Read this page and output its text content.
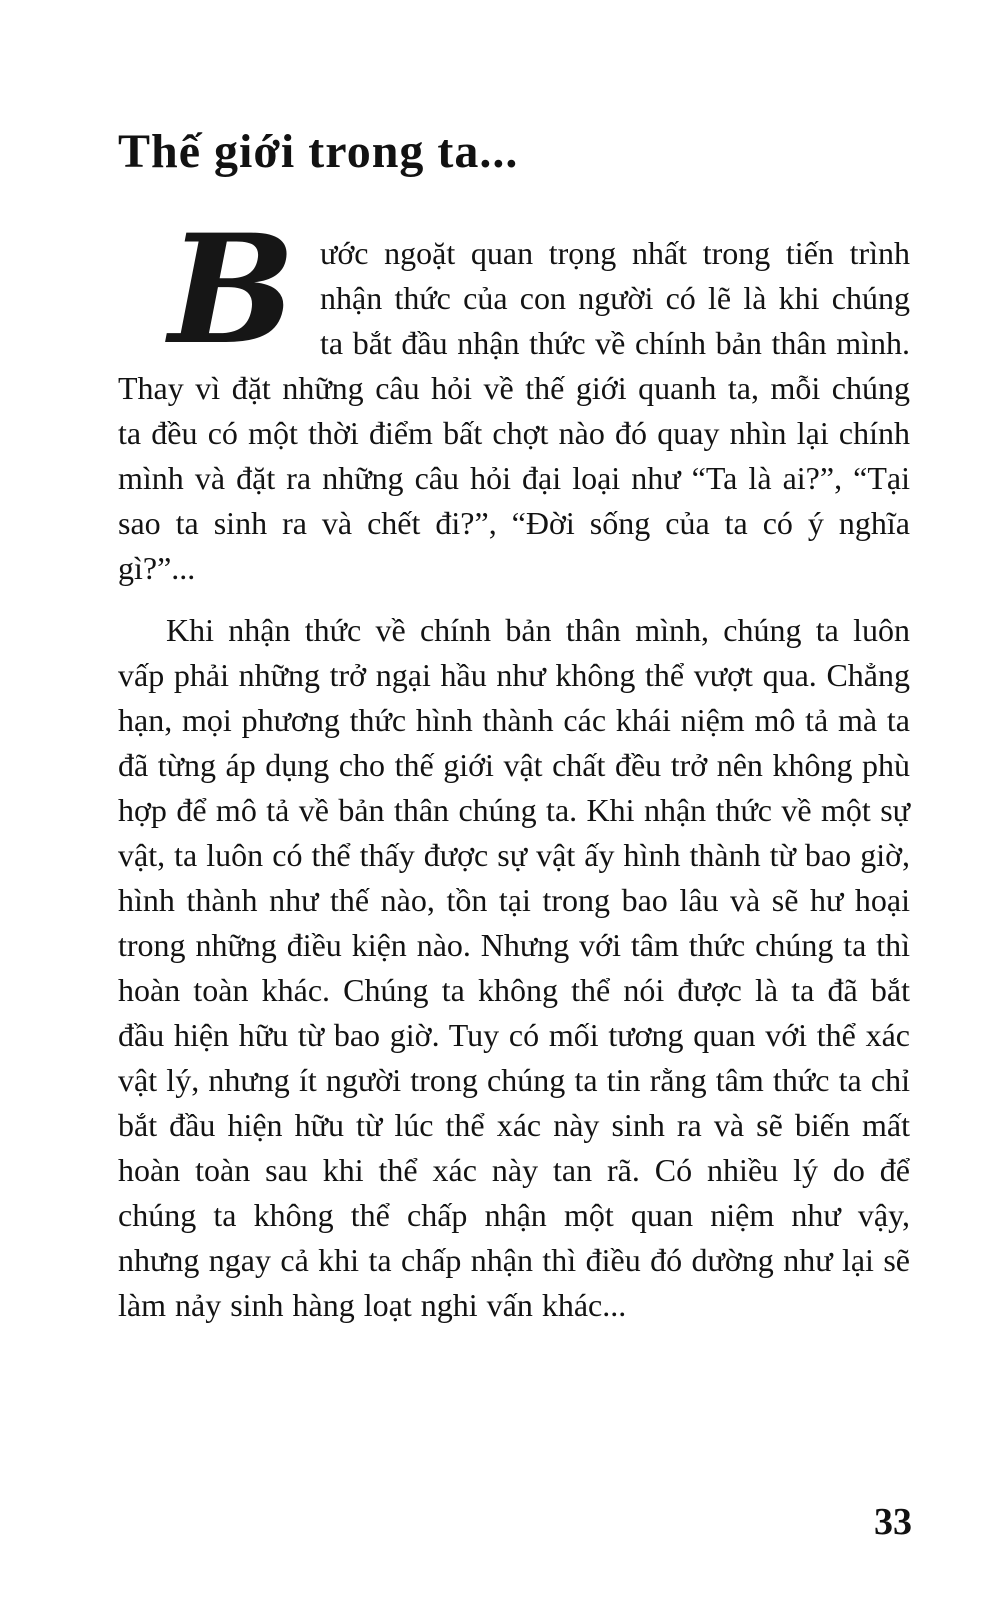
Thế giới trong ta...

Bước ngoặt quan trọng nhất trong tiến trình nhận thức của con người có lẽ là khi chúng ta bắt đầu nhận thức về chính bản thân mình. Thay vì đặt những câu hỏi về thế giới quanh ta, mỗi chúng ta đều có một thời điểm bất chợt nào đó quay nhìn lại chính mình và đặt ra những câu hỏi đại loại như “Ta là ai?”, “Tại sao ta sinh ra và chết đi?”, “Đời sống của ta có ý nghĩa gì?”...

Khi nhận thức về chính bản thân mình, chúng ta luôn vấp phải những trở ngại hầu như không thể vượt qua. Chẳng hạn, mọi phương thức hình thành các khái niệm mô tả mà ta đã từng áp dụng cho thế giới vật chất đều trở nên không phù hợp để mô tả về bản thân chúng ta. Khi nhận thức về một sự vật, ta luôn có thể thấy được sự vật ấy hình thành từ bao giờ, hình thành như thế nào, tồn tại trong bao lâu và sẽ hư hoại trong những điều kiện nào. Nhưng với tâm thức chúng ta thì hoàn toàn khác. Chúng ta không thể nói được là ta đã bắt đầu hiện hữu từ bao giờ. Tuy có mối tương quan với thể xác vật lý, nhưng ít người trong chúng ta tin rằng tâm thức ta chỉ bắt đầu hiện hữu từ lúc thể xác này sinh ra và sẽ biến mất hoàn toàn sau khi thể xác này tan rã. Có nhiều lý do để chúng ta không thể chấp nhận một quan niệm như vậy, nhưng ngay cả khi ta chấp nhận thì điều đó dường như lại sẽ làm nảy sinh hàng loạt nghi vấn khác...

33
